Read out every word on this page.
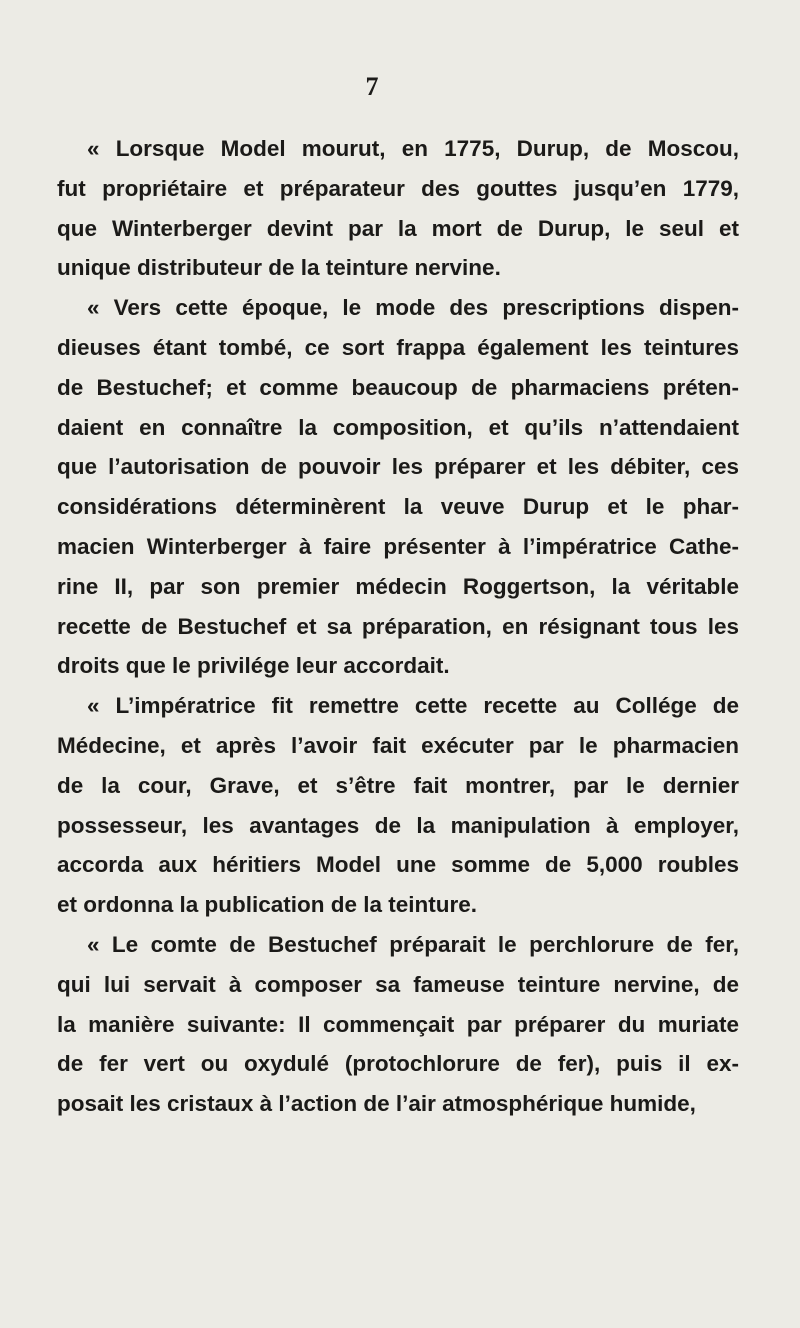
7
« Lorsque Model mourut, en 1775, Durup, de Moscou,
fut propriétaire et préparateur des gouttes jusqu’en 1779,
que Winterberger devint par la mort de Durup, le seul et
unique distributeur de la teinture nervine.
« Vers cette époque, le mode des prescriptions dispen-
dieuses étant tombé, ce sort frappa également les teintures
de Bestuchef; et comme beaucoup de pharmaciens préten-
daient en connaître la composition, et qu’ils n’attendaient
que l’autorisation de pouvoir les préparer et les débiter, ces
considérations déterminèrent la veuve Durup et le phar-
macien Winterberger à faire présenter à l’impératrice Cathe-
rine II, par son premier médecin Roggertson, la véritable
recette de Bestuchef et sa préparation, en résignant tous les
droits que le privilége leur accordait.
« L’impératrice fit remettre cette recette au Collége de
Médecine, et après l’avoir fait exécuter par le pharmacien
de la cour, Grave, et s’être fait montrer, par le dernier
possesseur, les avantages de la manipulation à employer,
accorda aux héritiers Model une somme de 5,000 roubles
et ordonna la publication de la teinture.
« Le comte de Bestuchef préparait le perchlorure de fer,
qui lui servait à composer sa fameuse teinture nervine, de
la manière suivante: Il commençait par préparer du muriate
de fer vert ou oxydulé (protochlorure de fer), puis il ex-
posait les cristaux à l’action de l’air atmosphérique humide,
